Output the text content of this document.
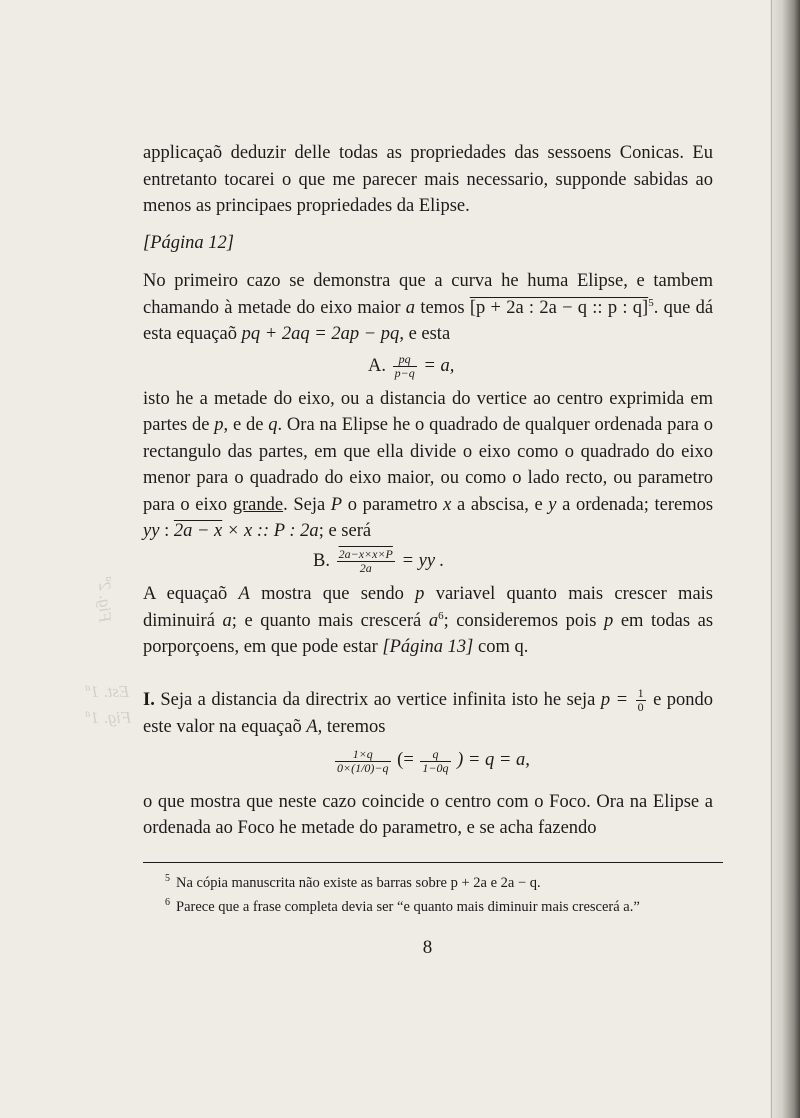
Fig. 2ª
Est. 1ª
Fig. 1ª

applicaçaõ deduzir delle todas as propriedades das sessoens Conicas. Eu entretanto tocarei o que me parecer mais necessario, supponde sabidas ao menos as principaes propriedades da Elipse.

[Página 12]

No primeiro cazo se demonstra que a curva he huma Elipse, e tambem chamando à metade do eixo maior a temos [p + 2a : 2a − q :: p : q]$^5$. que dá esta equaçaõ pq + 2aq = 2ap − pq, e esta

A. $\frac{pq}{p-q} = a$,

isto he a metade do eixo, ou a distancia do vertice ao centro exprimida em partes de p, e de q. Ora na Elipse he o quadrado de qualquer ordenada para o rectangulo das partes, em que ella divide o eixo como o quadrado do eixo menor para o quadrado do eixo maior, ou como o lado recto, ou parametro para o eixo grande. Seja P o parametro x a abscisa, e y a ordenada; teremos yy : 2a − x × x :: P : 2a; e será

B. $\frac{2a-x\times x\times P}{2a}$ = yy .

A equaçaõ A mostra que sendo p variavel quanto mais crescer mais diminuirá a; e quanto mais crescerá $a^6$; consideremos pois p em todas as porporçoens, em que pode estar [Página 13] com q.

I. Seja a distancia da directrix ao vertice infinita isto he seja $p = \frac{1}{0}$ e pondo este valor na equaçaõ A, teremos

$\frac{1\times q}{0\times(1/0)-q}$ (= $\frac{q}{1-0q}$ ) = q = a,

o que mostra que neste cazo coincide o centro com o Foco. Ora na Elipse a ordenada ao Foco he metade do parametro, e se acha fazendo

$^5$ Na cópia manuscrita não existe as barras sobre p + 2a e 2a − q.

$^6$ Parece que a frase completa devia ser “e quanto mais diminuir mais crescerá a.”

8
